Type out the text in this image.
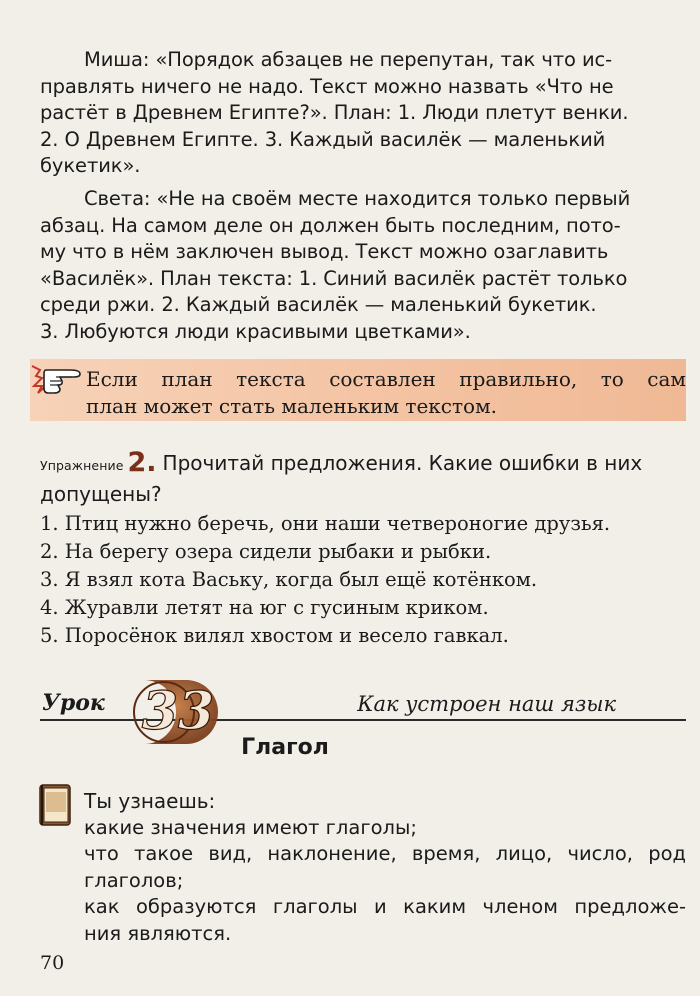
Миша: «Порядок абзацев не перепутан, так что ис-

правлять ничего не надо. Текст можно назвать «Что не

растёт в Древнем Египте?». План: 1. Люди плетут венки.

2. О Древнем Египте. 3. Каждый василёк — маленький

букетик».

Света: «Не на своём месте находится только первый

абзац. На самом деле он должен быть последним, пото-

му что в нём заключен вывод. Текст можно озаглавить

«Василёк». План текста: 1. Синий василёк растёт только

среди ржи. 2. Каждый василёк — маленький букетик.

3. Любуются люди красивыми цветками».

Если план текста составлен правильно, то сам
план может стать маленьким текстом.
Упражнение 2. Прочитай предложения. Какие ошибки в них допущены?
1. Птиц нужно беречь, они наши четвероногие друзья.
2. На берегу озера сидели рыбаки и рыбки.
3. Я взял кота Ваську, когда был ещё котёнком.
4. Журавли летят на юг с гусиным криком.
5. Поросёнок вилял хвостом и весело гавкал.
Урок 33	Как устроен наш язык
Глагол

Ты узнаешь:

какие значения имеют глаголы;

что такое вид, наклонение, время, лицо, число, род

глаголов;

как образуются глаголы и каким членом предложе-

ния являются.

70
